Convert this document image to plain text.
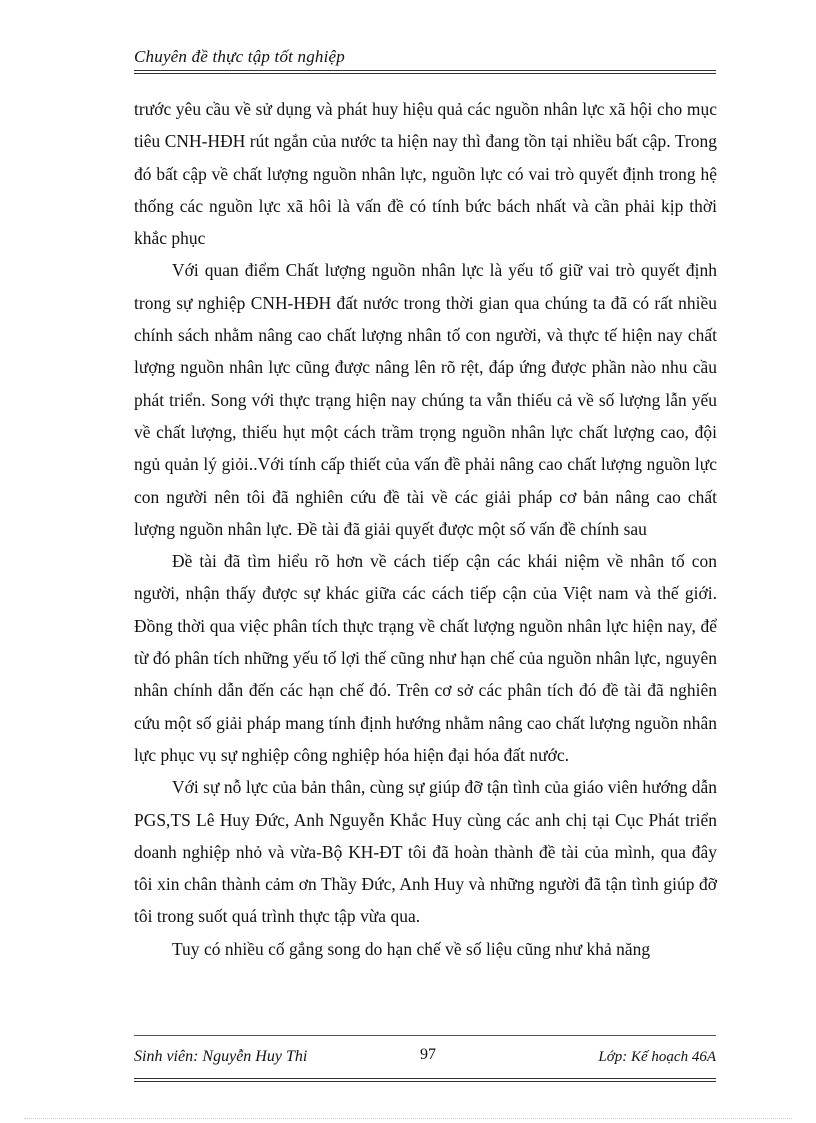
Chuyên đề thực tập tốt nghiệp

trước yêu cầu về sử dụng và phát huy hiệu quả các nguồn nhân lực xã hội cho mục tiêu CNH-HĐH rút ngắn của nước ta hiện nay thì đang tồn tại nhiều bất cập. Trong đó bất cập về chất lượng nguồn nhân lực, nguồn lực có vai trò quyết định trong hệ thống các nguồn lực xã hôi là vấn đề có tính bức bách nhất và cần phải kịp thời khắc phục

Với quan điểm Chất lượng nguồn nhân lực là yếu tố giữ vai trò quyết định trong sự nghiệp CNH-HĐH đất nước trong thời gian qua chúng ta đã có rất nhiều chính sách nhằm nâng cao chất lượng nhân tố con người, và thực tế hiện nay chất lượng nguồn nhân lực cũng được nâng lên rõ rệt, đáp ứng được phần nào nhu cầu phát triển. Song với thực trạng hiện nay chúng ta vẫn thiếu cả về số lượng lẫn yếu về chất lượng, thiếu hụt một cách trầm trọng nguồn nhân lực chất lượng cao, đội ngủ quản lý giỏi..Với tính cấp thiết của vấn đề phải nâng cao chất lượng nguồn lực con người nên tôi đã nghiên cứu đề tài về các giải pháp cơ bản nâng cao chất lượng nguồn nhân lực. Đề tài đã giải quyết được một số vấn đề chính sau

Đề tài đã tìm hiểu rõ hơn về cách tiếp cận các khái niệm về nhân tố con người, nhận thấy được sự khác giữa các cách tiếp cận của Việt nam và thế giới. Đồng thời qua việc phân tích thực trạng về chất lượng nguồn nhân lực hiện nay, để từ đó phân tích những yếu tố lợi thế cũng như hạn chế của nguồn nhân lực, nguyên nhân chính dẫn đến các hạn chế đó. Trên cơ sở các phân tích đó đề tài đã nghiên cứu một số giải pháp mang tính định hướng nhằm nâng cao chất lượng nguồn nhân lực phục vụ sự nghiệp công nghiệp hóa hiện đại hóa đất nước.

Với sự nỗ lực của bản thân, cùng sự giúp đỡ tận tình của giáo viên hướng dẫn PGS,TS Lê Huy Đức, Anh Nguyễn Khắc Huy cùng các anh chị tại Cục Phát triển doanh nghiệp nhỏ và vừa-Bộ KH-ĐT tôi đã hoàn thành đề tài của mình, qua đây tôi xin chân thành cảm ơn Thầy Đức, Anh Huy và những người đã tận tình giúp đỡ tôi trong suốt quá trình thực tập vừa qua.

Tuy có nhiều cố gắng song do hạn chế về số liệu cũng như khả năng

Sinh viên: Nguyễn Huy Thi	97	Lớp: Kế hoạch 46A
